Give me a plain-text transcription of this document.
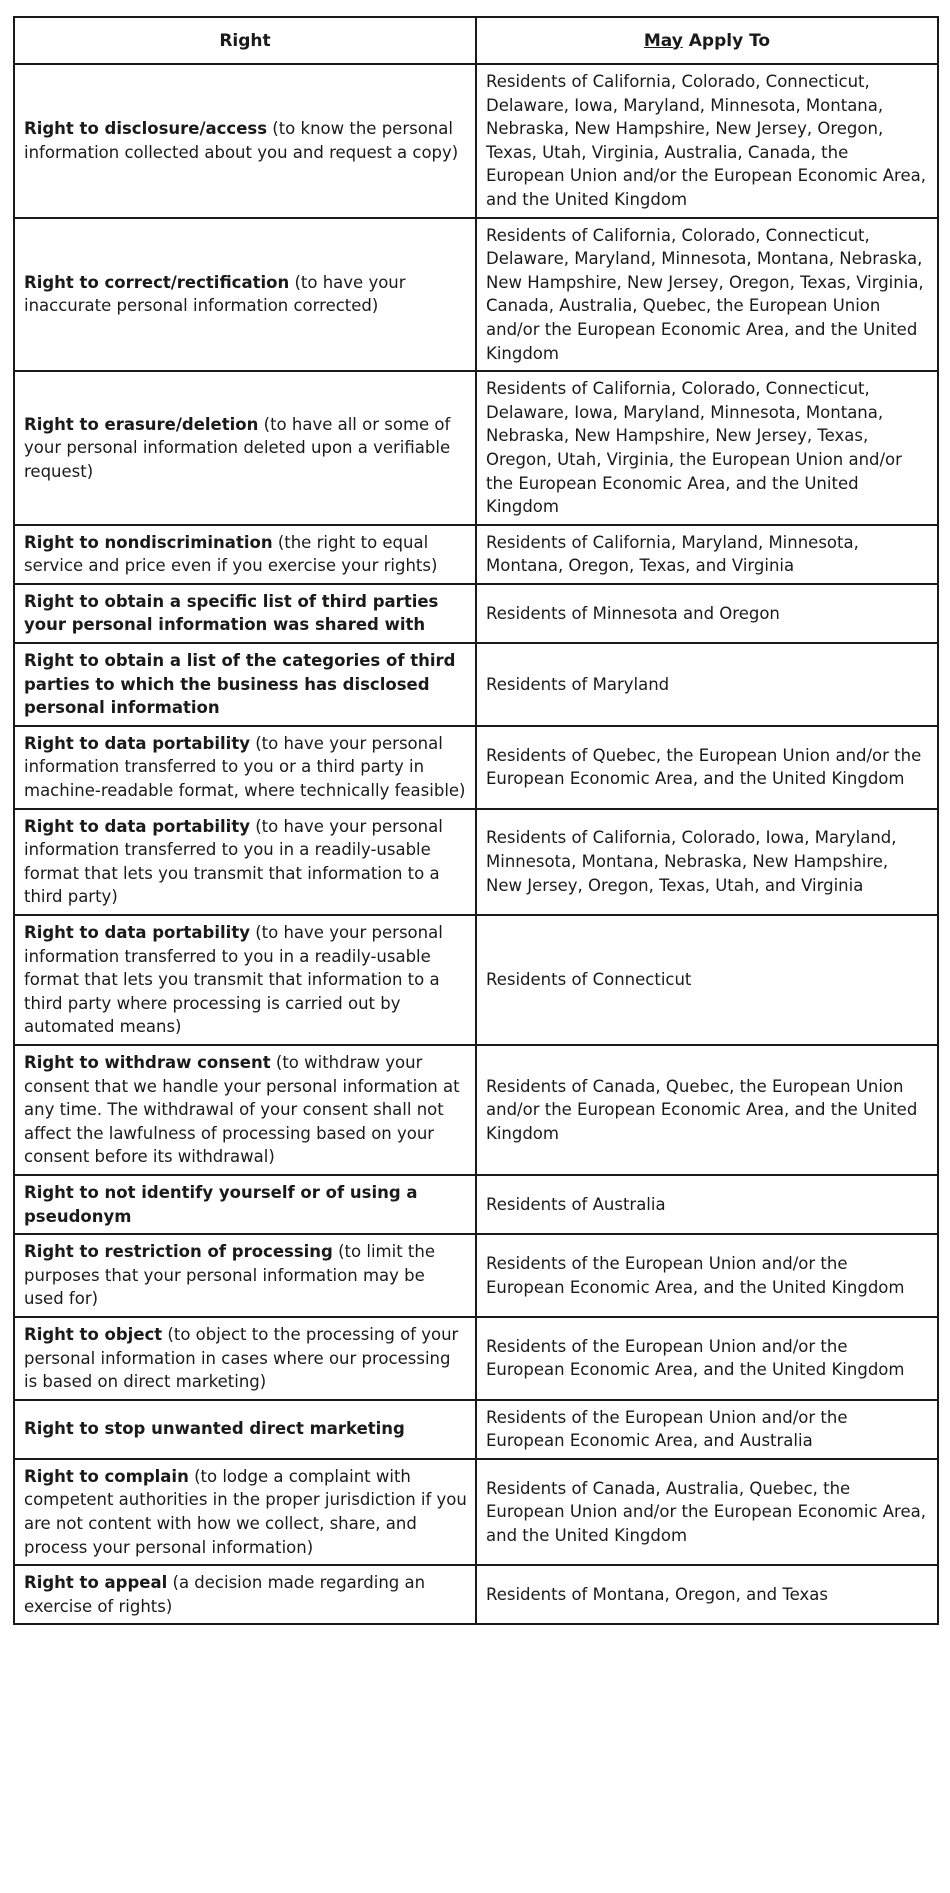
Right	May Apply To
Right to disclosure/access (to know the personal information collected about you and request a copy)	Residents of California, Colorado, Connecticut, Delaware, Iowa, Maryland, Minnesota, Montana, Nebraska, New Hampshire, New Jersey, Oregon, Texas, Utah, Virginia, Australia, Canada, the European Union and/or the European Economic Area, and the United Kingdom
Right to correct/rectification (to have your inaccurate personal information corrected)	Residents of California, Colorado, Connecticut, Delaware, Maryland, Minnesota, Montana, Nebraska, New Hampshire, New Jersey, Oregon, Texas, Virginia, Canada, Australia, Quebec, the European Union and/or the European Economic Area, and the United Kingdom
Right to erasure/deletion (to have all or some of your personal information deleted upon a verifiable request)	Residents of California, Colorado, Connecticut, Delaware, Iowa, Maryland, Minnesota, Montana, Nebraska, New Hampshire, New Jersey, Texas, Oregon, Utah, Virginia, the European Union and/or the European Economic Area, and the United Kingdom
Right to nondiscrimination (the right to equal service and price even if you exercise your rights)	Residents of California, Maryland, Minnesota, Montana, Oregon, Texas, and Virginia
Right to obtain a specific list of third parties your personal information was shared with	Residents of Minnesota and Oregon
Right to obtain a list of the categories of third parties to which the business has disclosed personal information	Residents of Maryland
Right to data portability (to have your personal information transferred to you or a third party in machine-readable format, where technically feasible)	Residents of Quebec, the European Union and/or the European Economic Area, and the United Kingdom
Right to data portability (to have your personal information transferred to you in a readily-usable format that lets you transmit that information to a third party)	Residents of California, Colorado, Iowa, Maryland, Minnesota, Montana, Nebraska, New Hampshire, New Jersey, Oregon, Texas, Utah, and Virginia
Right to data portability (to have your personal information transferred to you in a readily-usable format that lets you transmit that information to a third party where processing is carried out by automated means)	Residents of Connecticut
Right to withdraw consent (to withdraw your consent that we handle your personal information at any time. The withdrawal of your consent shall not affect the lawfulness of processing based on your consent before its withdrawal)	Residents of Canada, Quebec, the European Union and/or the European Economic Area, and the United Kingdom
Right to not identify yourself or of using a pseudonym	Residents of Australia
Right to restriction of processing (to limit the purposes that your personal information may be used for)	Residents of the European Union and/or the European Economic Area, and the United Kingdom
Right to object (to object to the processing of your personal information in cases where our processing is based on direct marketing)	Residents of the European Union and/or the European Economic Area, and the United Kingdom
Right to stop unwanted direct marketing	Residents of the European Union and/or the European Economic Area, and Australia
Right to complain (to lodge a complaint with competent authorities in the proper jurisdiction if you are not content with how we collect, share, and process your personal information)	Residents of Canada, Australia, Quebec, the European Union and/or the European Economic Area, and the United Kingdom
Right to appeal (a decision made regarding an exercise of rights)	Residents of Montana, Oregon, and Texas
